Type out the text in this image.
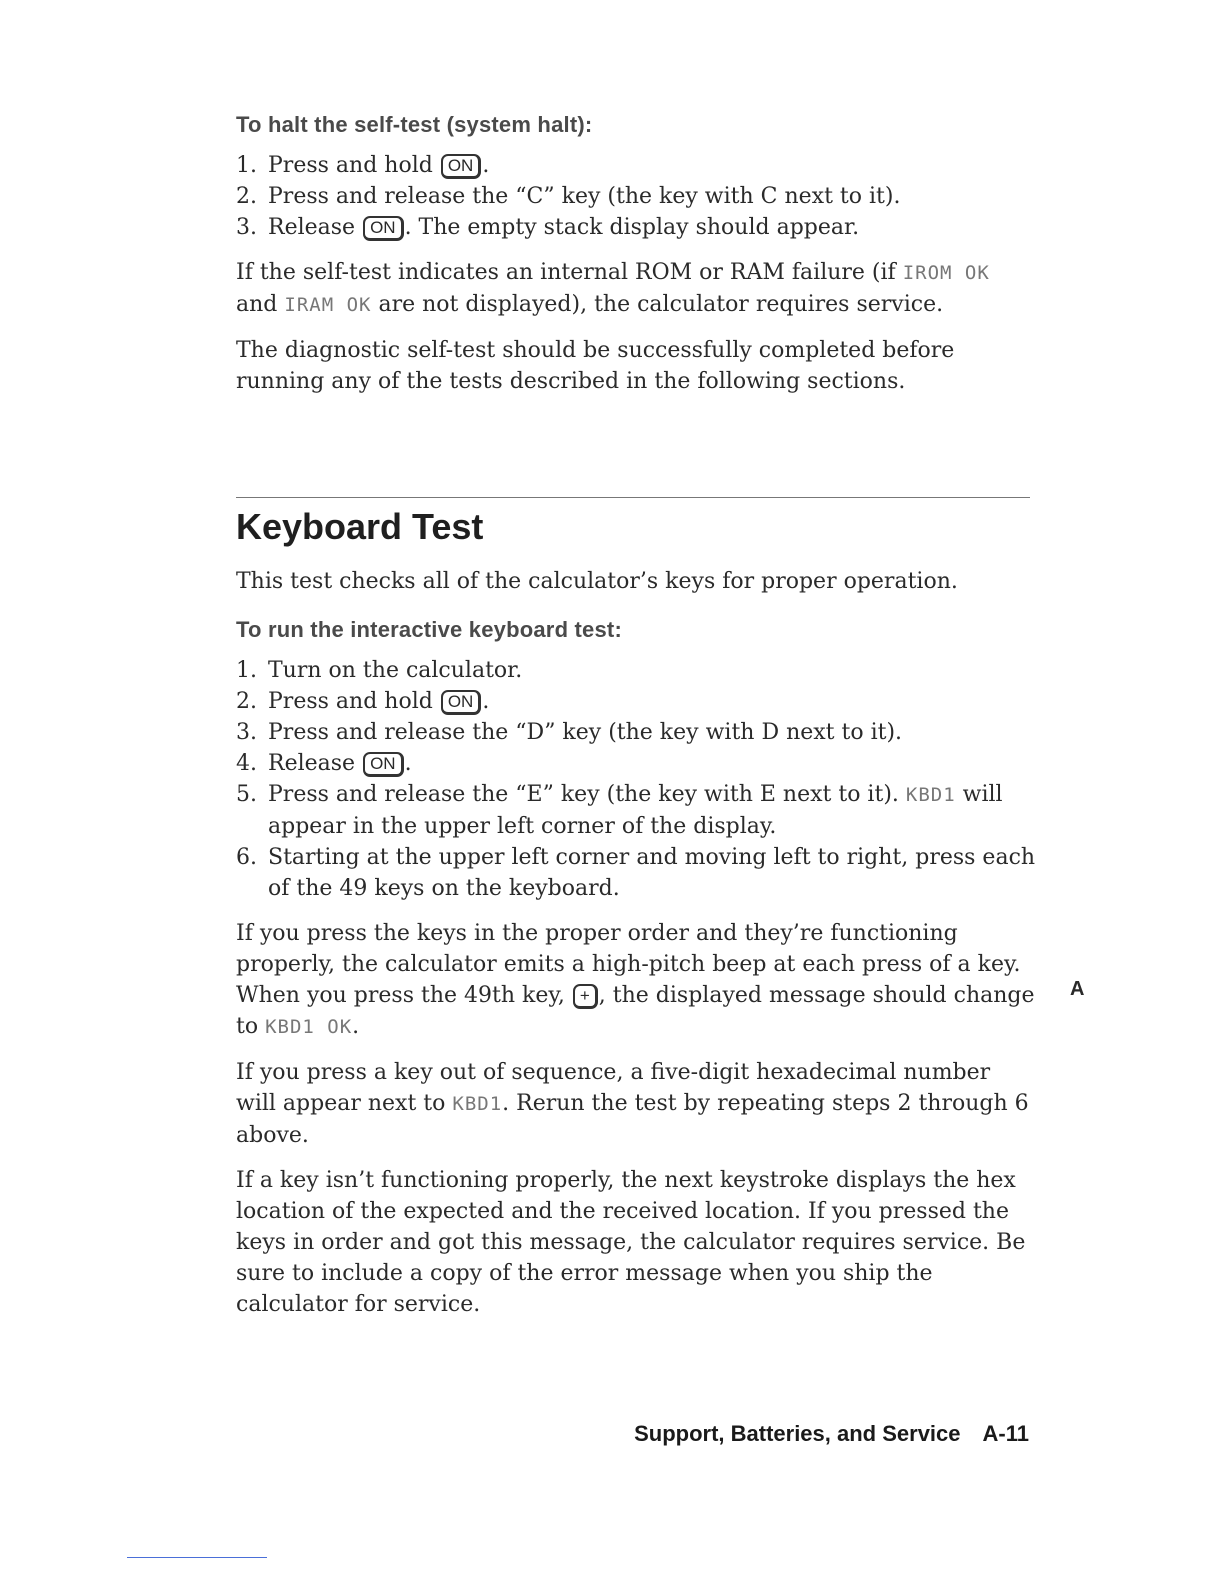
To halt the self-test (system halt):
1. Press and hold ON .
2. Press and release the “C” key (the key with C next to it).
3. Release ON . The empty stack display should appear.

If the self-test indicates an internal ROM or RAM failure (if IROM OK and IRAM OK are not displayed), the calculator requires service.

The diagnostic self-test should be successfully completed before running any of the tests described in the following sections.

Keyboard Test

This test checks all of the calculator’s keys for proper operation.

To run the interactive keyboard test:
1. Turn on the calculator.
2. Press and hold ON .
3. Press and release the “D” key (the key with D next to it).
4. Release ON .
5. Press and release the “E” key (the key with E next to it). KBD1 will appear in the upper left corner of the display.
6. Starting at the upper left corner and moving left to right, press each of the 49 keys on the keyboard.

If you press the keys in the proper order and they’re functioning properly, the calculator emits a high-pitch beep at each press of a key. When you press the 49th key, + , the displayed message should change to KBD1 OK.

If you press a key out of sequence, a five-digit hexadecimal number will appear next to KBD1. Rerun the test by repeating steps 2 through 6 above.

If a key isn’t functioning properly, the next keystroke displays the hex location of the expected and the received location. If you pressed the keys in order and got this message, the calculator requires service. Be sure to include a copy of the error message when you ship the calculator for service.

A
Support, Batteries, and Service A-11
